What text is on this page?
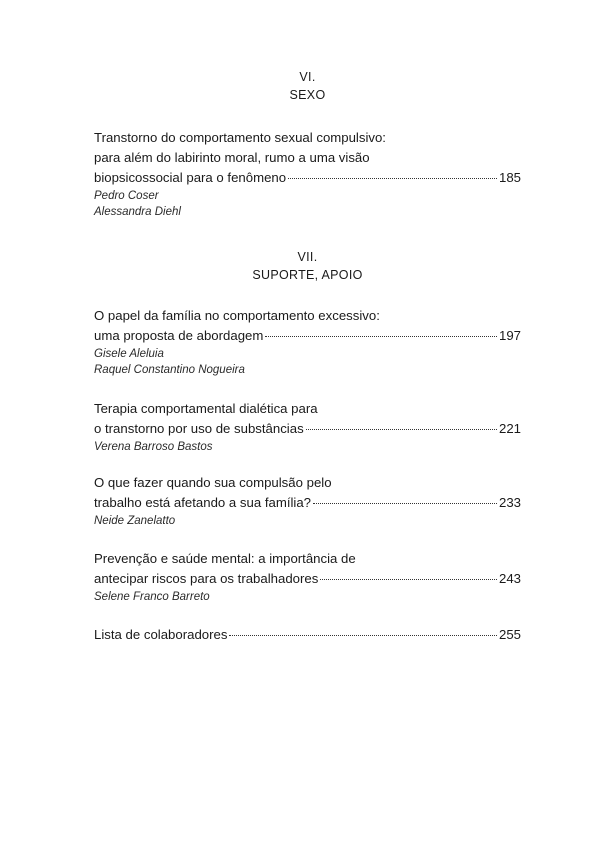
VI.
SEXO
Transtorno do comportamento sexual compulsivo:
para além do labirinto moral, rumo a uma visão
biopsicossocial para o fenômeno	185
Pedro Coser
Alessandra Diehl
VII.
SUPORTE, APOIO
O papel da família no comportamento excessivo:
uma proposta de abordagem	197
Gisele Aleluia
Raquel Constantino Nogueira
Terapia comportamental dialética para
o transtorno por uso de substâncias	221
Verena Barroso Bastos
O que fazer quando sua compulsão pelo
trabalho está afetando a sua família?	233
Neide Zanelatto
Prevenção e saúde mental: a importância de
antecipar riscos para os trabalhadores	243
Selene Franco Barreto
Lista de colaboradores	255
